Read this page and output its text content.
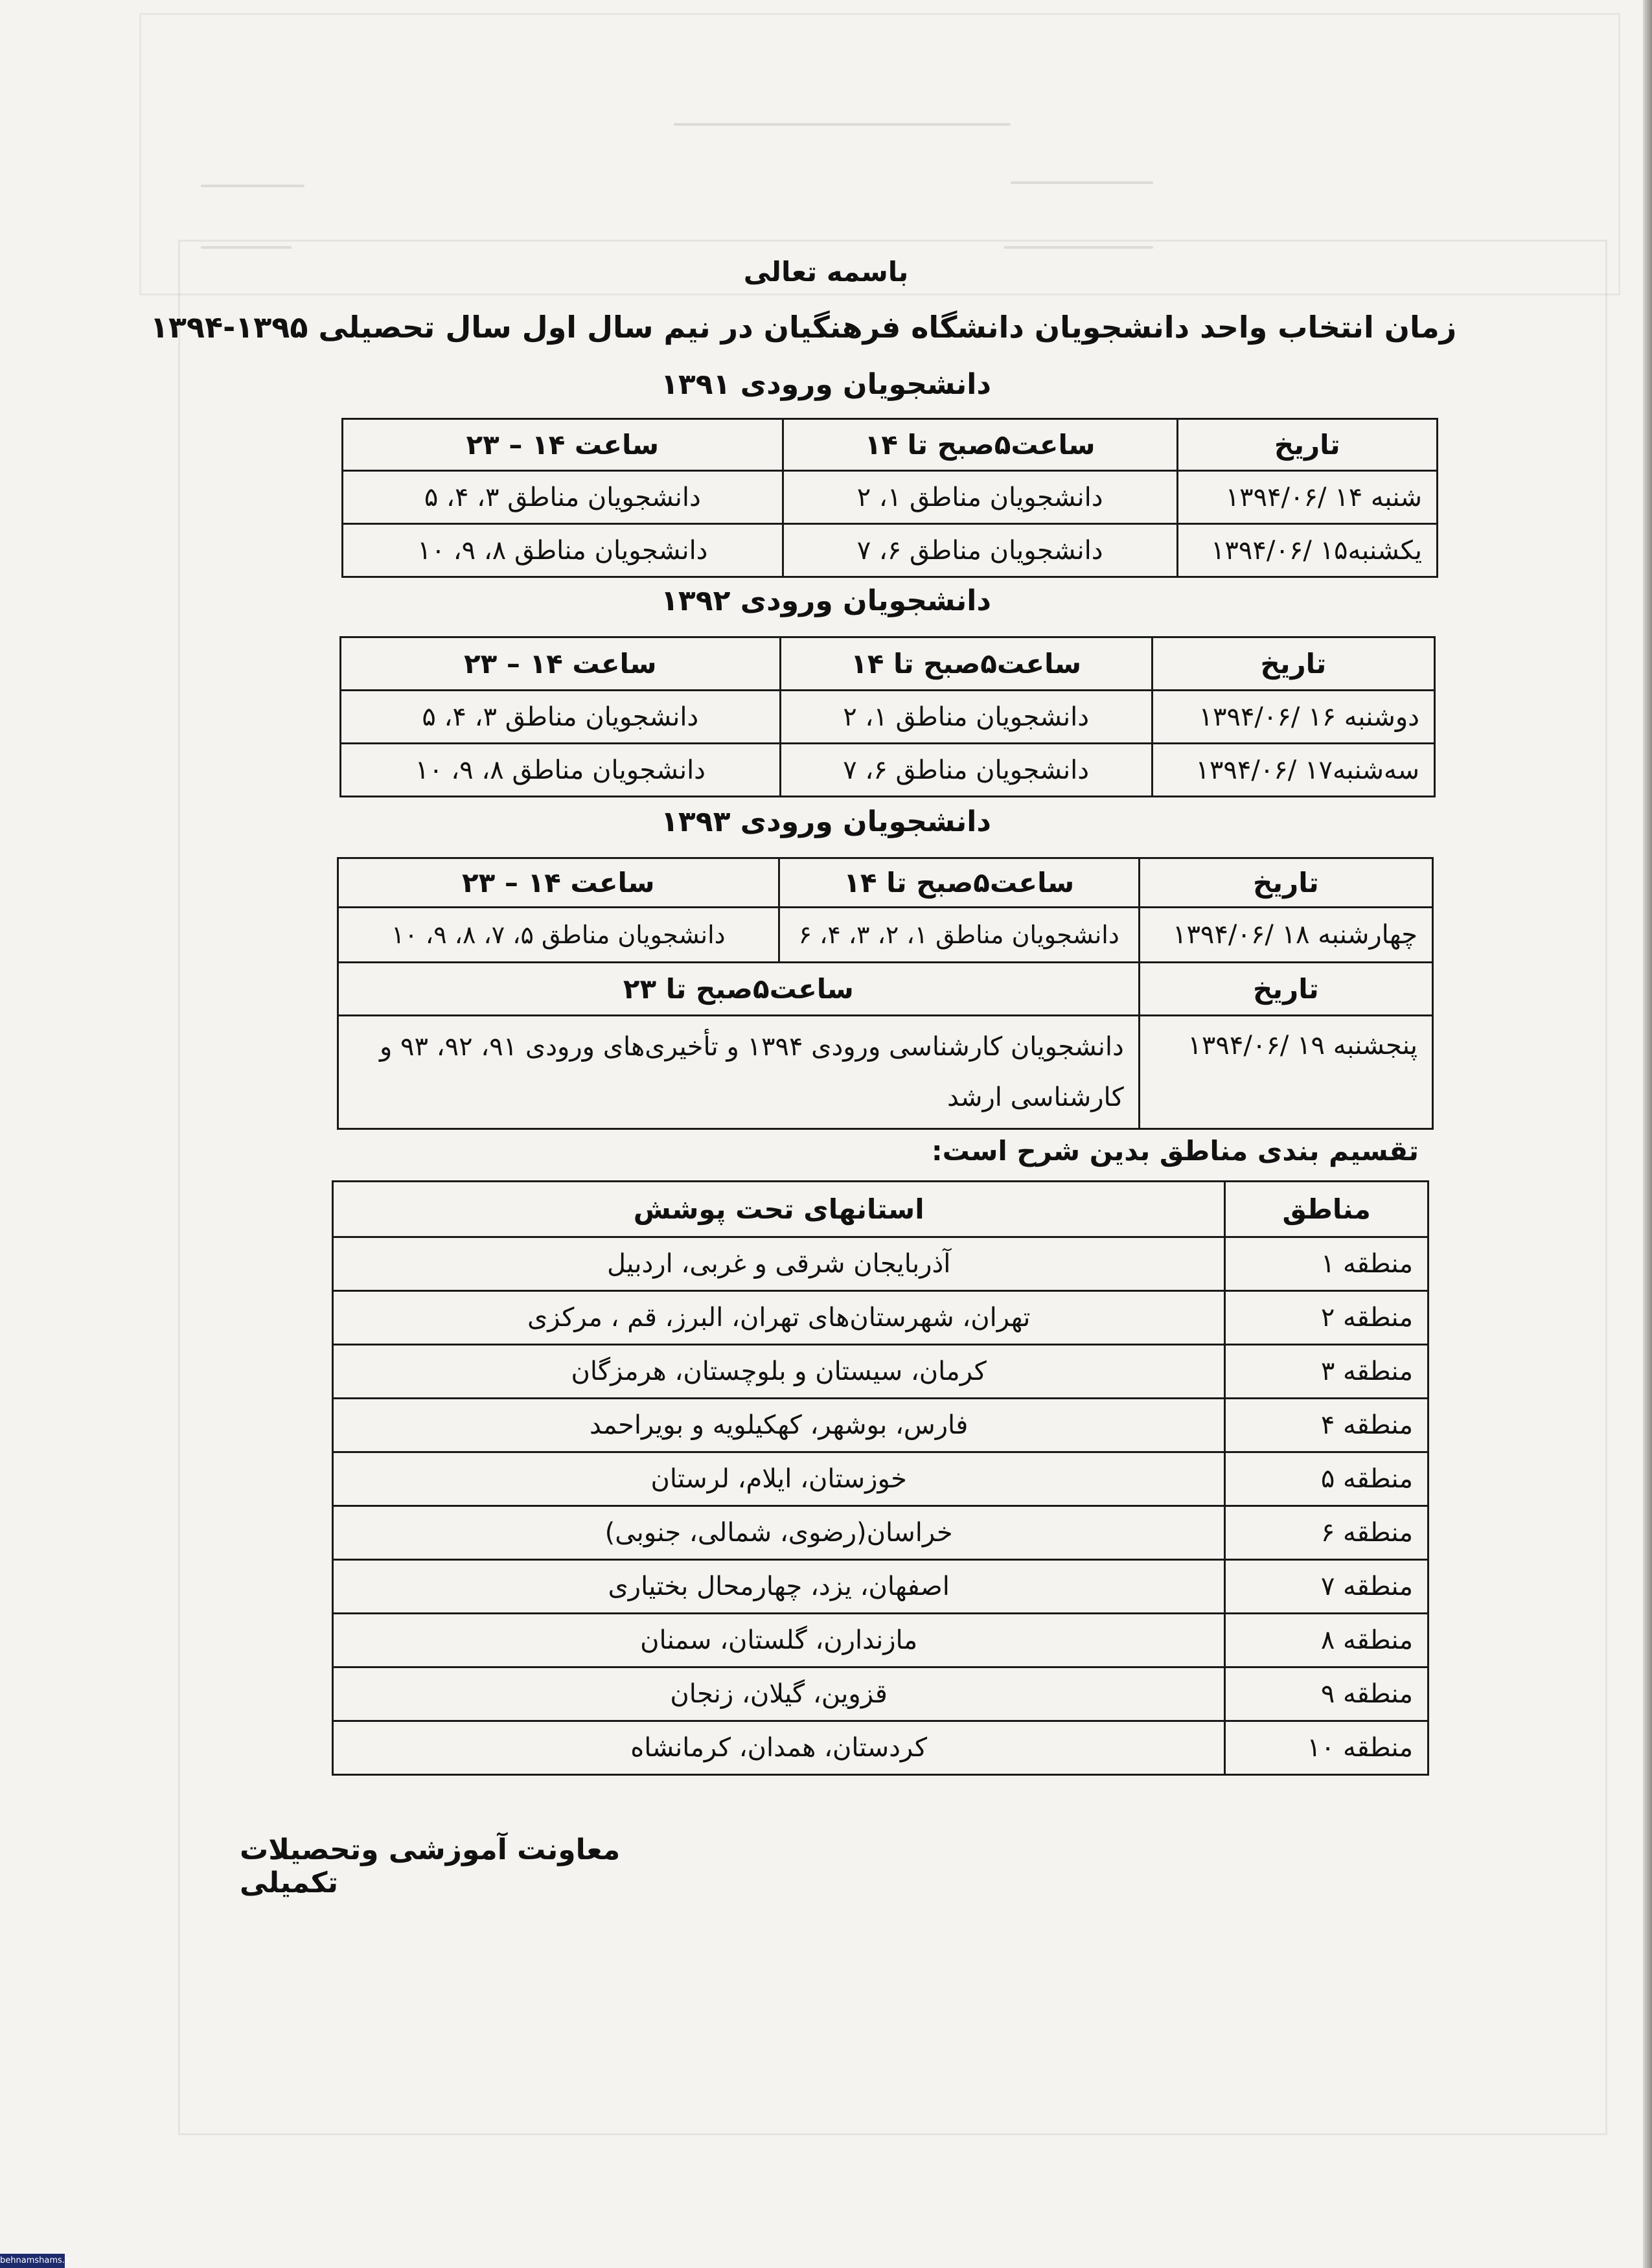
باسمه تعالی
زمان انتخاب واحد دانشجویان دانشگاه فرهنگیان در نیم سال اول سال تحصیلی ۱۳۹۵-۱۳۹۴
دانشجویان ورودی ۱۳۹۱
تاریخ	ساعت۵صبح تا ۱۴	ساعت ۱۴ – ۲۳
شنبه ۱۴ /۱۳۹۴/۰۶	دانشجویان مناطق ۱، ۲	دانشجویان مناطق ۳، ۴، ۵
یکشنبه۱۵ /۱۳۹۴/۰۶	دانشجویان مناطق ۶، ۷	دانشجویان مناطق ۸، ۹، ۱۰
دانشجویان ورودی ۱۳۹۲
تاریخ	ساعت۵صبح تا ۱۴	ساعت ۱۴ – ۲۳
دوشنبه ۱۶ /۱۳۹۴/۰۶	دانشجویان مناطق ۱، ۲	دانشجویان مناطق ۳، ۴، ۵
سه‌شنبه۱۷ /۱۳۹۴/۰۶	دانشجویان مناطق ۶، ۷	دانشجویان مناطق ۸، ۹، ۱۰
دانشجویان ورودی ۱۳۹۳
تاریخ	ساعت۵صبح تا ۱۴	ساعت ۱۴ – ۲۳
چهارشنبه ۱۸ /۱۳۹۴/۰۶	دانشجویان مناطق ۱، ۲، ۳، ۴، ۶	دانشجویان مناطق ۵، ۷، ۸، ۹، ۱۰
تاریخ	ساعت۵صبح تا ۲۳	
پنجشنبه ۱۹ /۱۳۹۴/۰۶	دانشجویان کارشناسی ورودی ۱۳۹۴ و تأخیری‌های ورودی ۹۱، ۹۲، ۹۳ و کارشناسی ارشد	
تقسیم بندی مناطق بدین شرح است:
مناطق	استانهای تحت پوشش
منطقه ۱	آذربایجان شرقی و غربی، اردبیل
منطقه ۲	تهران، شهرستان‌های تهران، البرز، قم ، مرکزی
منطقه ۳	کرمان، سیستان و بلوچستان، هرمزگان
منطقه ۴	فارس، بوشهر، کهکیلویه و بویراحمد
منطقه ۵	خوزستان، ایلام، لرستان
منطقه ۶	خراسان(رضوی، شمالی، جنوبی)
منطقه ۷	اصفهان، یزد، چهارمحال بختیاری
منطقه ۸	مازندارن، گلستان، سمنان
منطقه ۹	قزوین، گیلان، زنجان
منطقه ۱۰	کردستان، همدان، کرمانشاه
معاونت آموزشی وتحصیلات تکمیلی
behnamshams.ir
